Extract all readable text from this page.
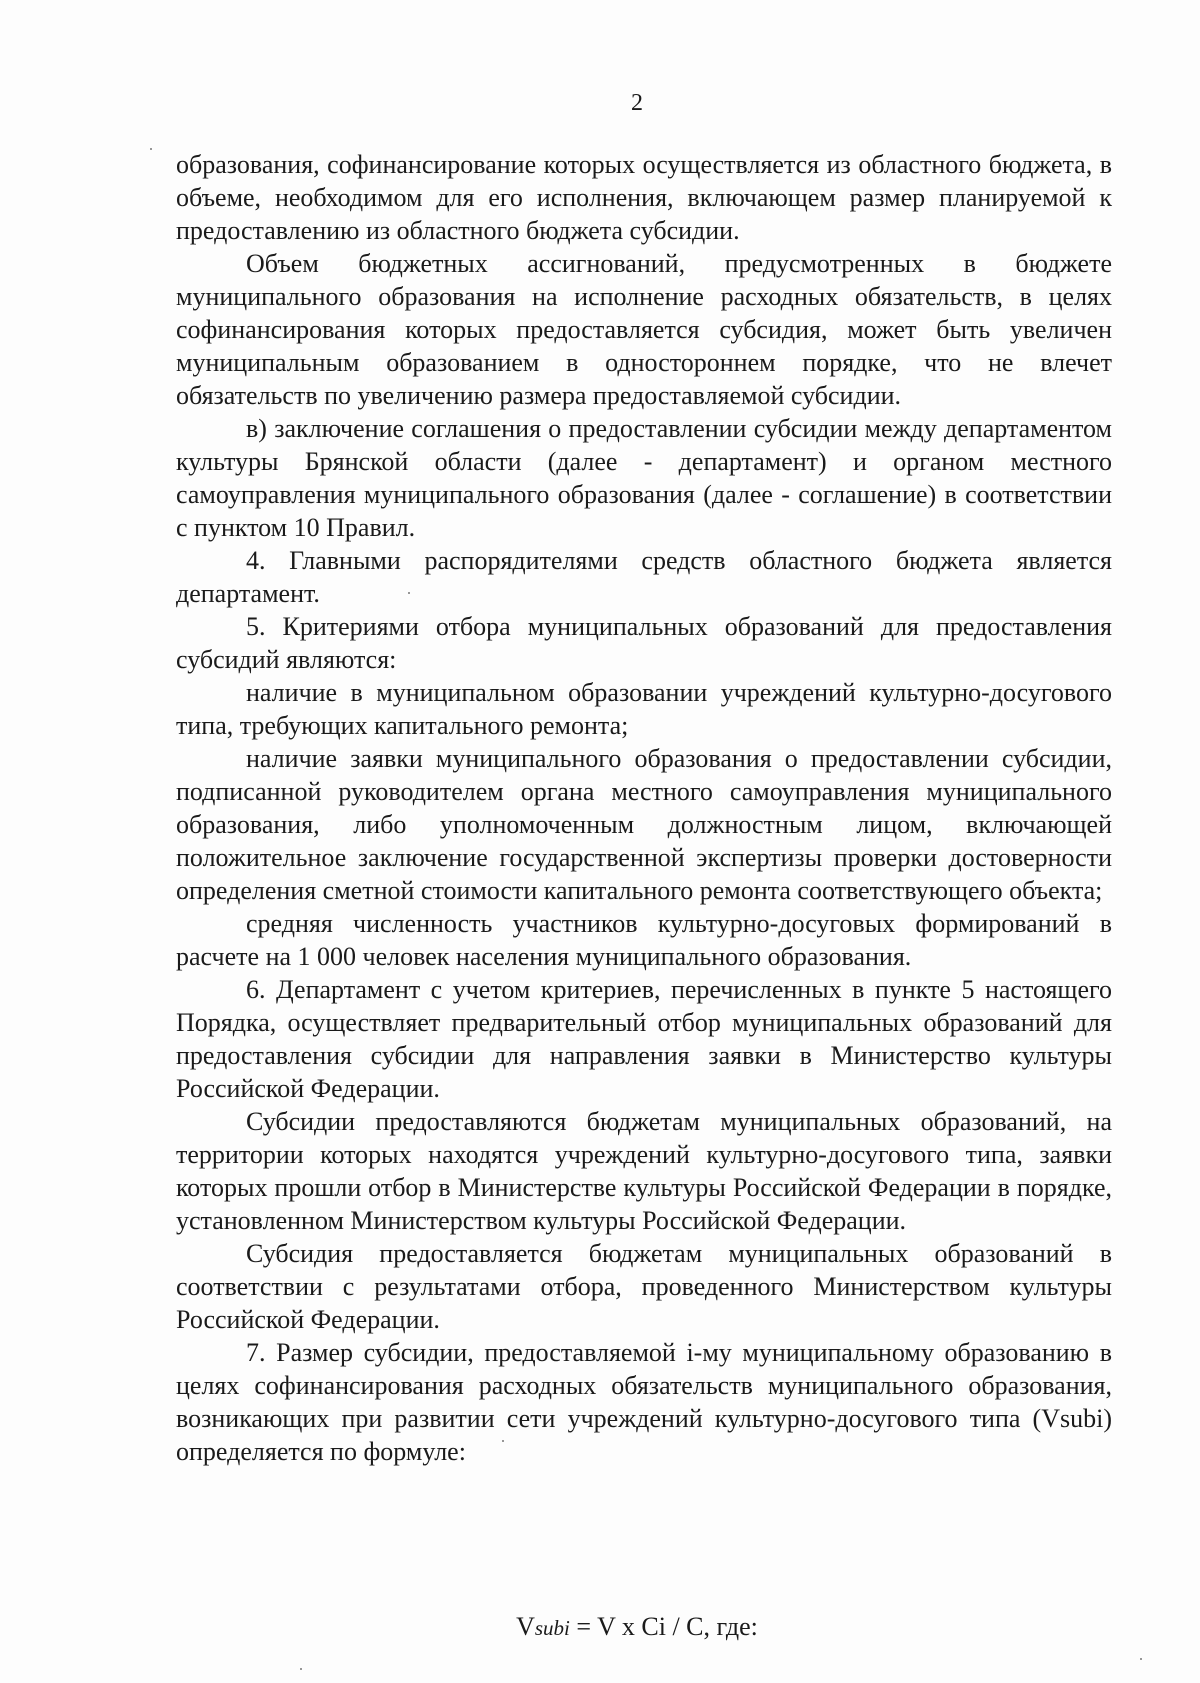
2

образования, софинансирование которых осуществляется из областного бюджета, в объеме, необходимом для его исполнения, включающем размер планируемой к предоставлению из областного бюджета субсидии.

Объем бюджетных ассигнований, предусмотренных в бюджете муниципального образования на исполнение расходных обязательств, в целях софинансирования которых предоставляется субсидия, может быть увеличен муниципальным образованием в одностороннем порядке, что не влечет обязательств по увеличению размера предоставляемой субсидии.

в) заключение соглашения о предоставлении субсидии между департаментом культуры Брянской области (далее - департамент) и органом местного самоуправления муниципального образования (далее - соглашение) в соответствии с пунктом 10 Правил.

4. Главными распорядителями средств областного бюджета является департамент.

5. Критериями отбора муниципальных образований для предоставления субсидий являются:

наличие в муниципальном образовании учреждений культурно-досугового типа, требующих капитального ремонта;

наличие заявки муниципального образования о предоставлении субсидии, подписанной руководителем органа местного самоуправления муниципального образования, либо уполномоченным должностным лицом, включающей положительное заключение государственной экспертизы проверки достоверности определения сметной стоимости капитального ремонта соответствующего объекта;

средняя численность участников культурно-досуговых формирований в расчете на 1 000 человек населения муниципального образования.

6. Департамент с учетом критериев, перечисленных в пункте 5 настоящего Порядка, осуществляет предварительный отбор муниципальных образований для предоставления субсидии для направления заявки в Министерство культуры Российской Федерации.

Субсидии предоставляются бюджетам муниципальных образований, на территории которых находятся учреждений культурно-досугового типа, заявки которых прошли отбор в Министерстве культуры Российской Федерации в порядке, установленном Министерством культуры Российской Федерации.

Субсидия предоставляется бюджетам муниципальных образований в соответствии с результатами отбора, проведенного Министерством культуры Российской Федерации.

7. Размер субсидии, предоставляемой i-му муниципальному образованию в целях софинансирования расходных обязательств муниципального образования, возникающих при развитии сети учреждений культурно-досугового типа (Vsubi) определяется по формуле:

Vsubi = V x Ci / C, где:
